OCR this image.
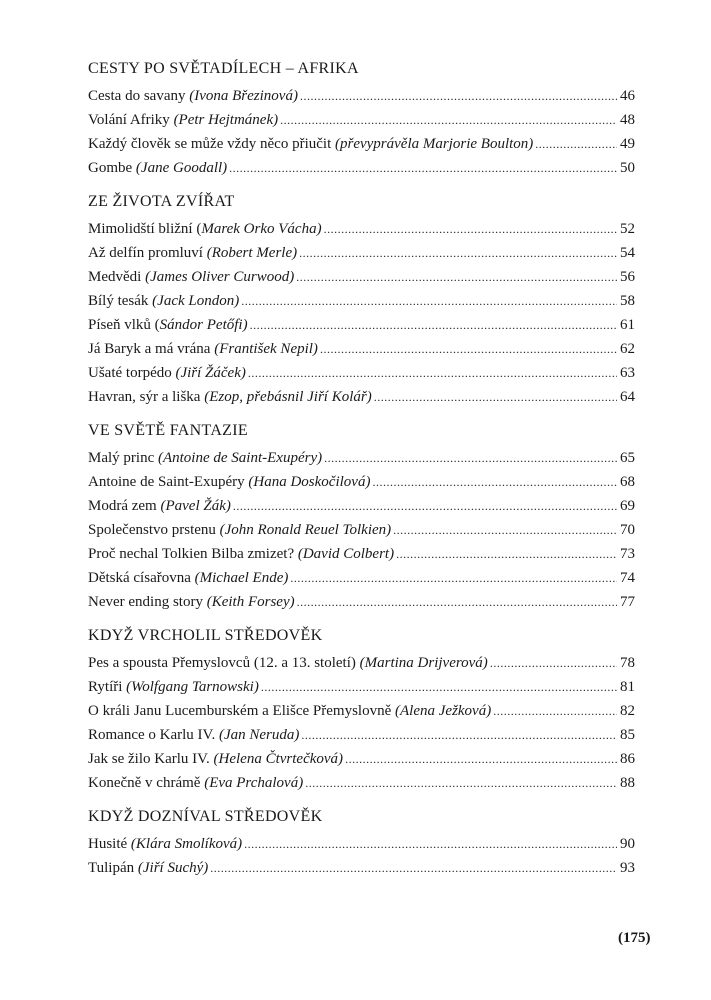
CESTY PO SVĚTADÍLECH – AFRIKA
Cesta do savany (Ivona Březinová) .....	46
Volání Afriky (Petr Hejtmánek) .....	48
Každý člověk se může vždy něco přiučit (převyprávěla Marjorie Boulton) .....	49
Gombe (Jane Goodall) .....	50
ZE ŽIVOTA ZVÍŘAT
Mimolidští bližní (Marek Orko Vácha) .....	52
Až delfín promluví (Robert Merle) .....	54
Medvědi (James Oliver Curwood) .....	56
Bílý tesák (Jack London) .....	58
Píseň vlků (Sándor Petőfi) .....	61
Já Baryk a má vrána (František Nepil) .....	62
Ušaté torpédo (Jiří Žáček) .....	63
Havran, sýr a liška (Ezop, přebásnil Jiří Kolář) .....	64
VE SVĚTĚ FANTAZIE
Malý princ (Antoine de Saint-Exupéry) .....	65
Antoine de Saint-Exupéry (Hana Doskočilová) .....	68
Modrá zem (Pavel Žák) .....	69
Společenstvo prstenu (John Ronald Reuel Tolkien) .....	70
Proč nechal Tolkien Bilba zmizet? (David Colbert) .....	73
Dětská císařovna (Michael Ende) .....	74
Never ending story (Keith Forsey) .....	77
KDYŽ VRCHOLIL STŘEDOVĚK
Pes a spousta Přemyslovců (12. a 13. století) (Martina Drijverová) .....	78
Rytíři (Wolfgang Tarnowski) .....	81
O králi Janu Lucemburském a Elišce Přemyslovně (Alena Ježková) .....	82
Romance o Karlu IV. (Jan Neruda) .....	85
Jak se žilo Karlu IV. (Helena Čtvrtečková) .....	86
Konečně v chrámě (Eva Prchalová) .....	88
KDYŽ DOZNÍVAL STŘEDOVĚK
Husité (Klára Smolíková) .....	90
Tulipán (Jiří Suchý) .....	93
(175)
